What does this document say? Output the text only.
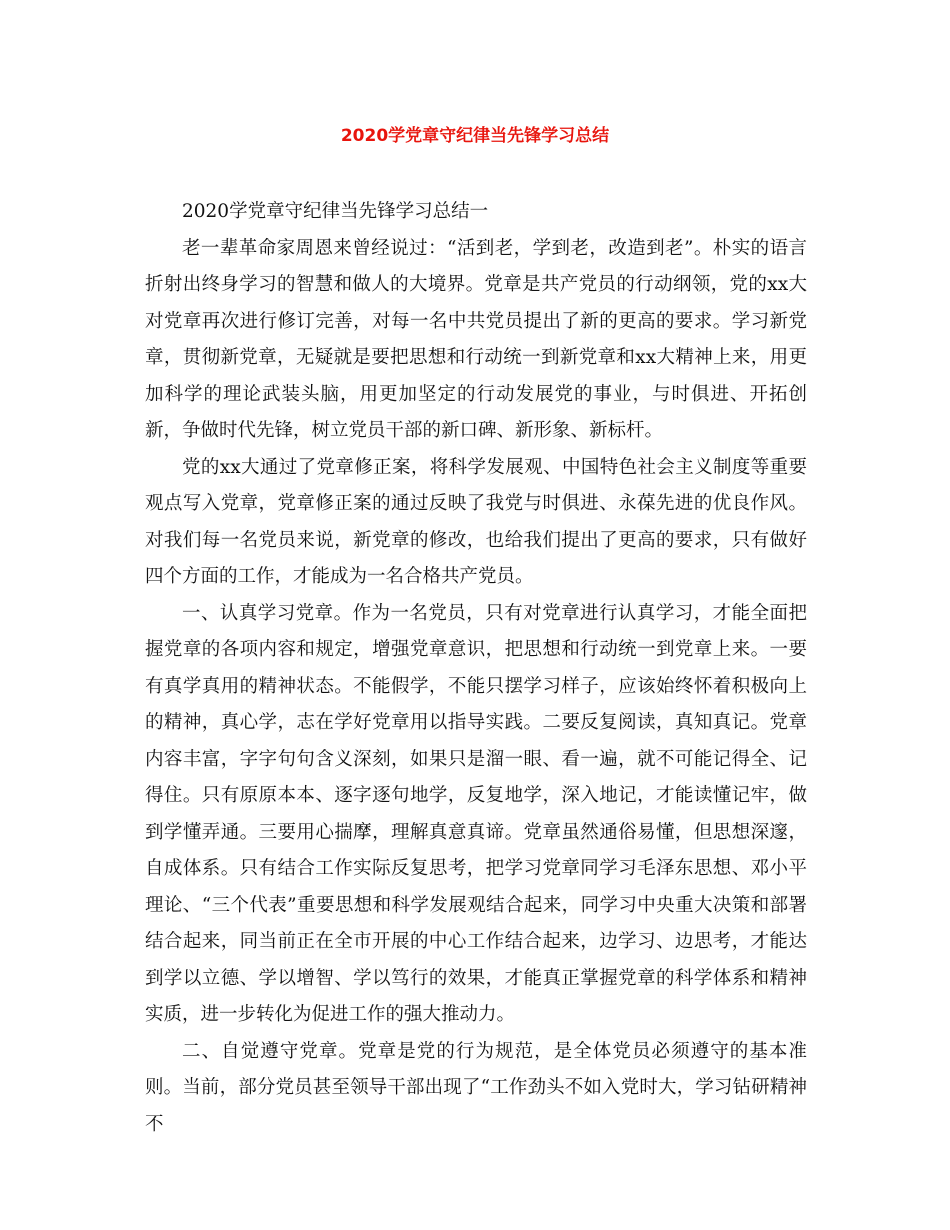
2020学党章守纪律当先锋学习总结

2020学党章守纪律当先锋学习总结一

老一辈革命家周恩来曾经说过：“活到老，学到老，改造到老”。朴实的语言折射出终身学习的智慧和做人的大境界。党章是共产党员的行动纲领，党的xx大对党章再次进行修订完善，对每一名中共党员提出了新的更高的要求。学习新党章，贯彻新党章，无疑就是要把思想和行动统一到新党章和xx大精神上来，用更加科学的理论武装头脑，用更加坚定的行动发展党的事业，与时俱进、开拓创新，争做时代先锋，树立党员干部的新口碑、新形象、新标杆。

党的xx大通过了党章修正案，将科学发展观、中国特色社会主义制度等重要观点写入党章，党章修正案的通过反映了我党与时俱进、永葆先进的优良作风。对我们每一名党员来说，新党章的修改，也给我们提出了更高的要求，只有做好四个方面的工作，才能成为一名合格共产党员。

一、认真学习党章。作为一名党员，只有对党章进行认真学习，才能全面把握党章的各项内容和规定，增强党章意识，把思想和行动统一到党章上来。一要有真学真用的精神状态。不能假学，不能只摆学习样子，应该始终怀着积极向上的精神，真心学，志在学好党章用以指导实践。二要反复阅读，真知真记。党章内容丰富，字字句句含义深刻，如果只是溜一眼、看一遍，就不可能记得全、记得住。只有原原本本、逐字逐句地学，反复地学，深入地记，才能读懂记牢，做到学懂弄通。三要用心揣摩，理解真意真谛。党章虽然通俗易懂，但思想深邃，自成体系。只有结合工作实际反复思考，把学习党章同学习毛泽东思想、邓小平理论、“三个代表”重要思想和科学发展观结合起来，同学习中央重大决策和部署结合起来，同当前正在全市开展的中心工作结合起来，边学习、边思考，才能达到学以立德、学以增智、学以笃行的效果，才能真正掌握党章的科学体系和精神实质，进一步转化为促进工作的强大推动力。

二、自觉遵守党章。党章是党的行为规范，是全体党员必须遵守的基本准则。当前，部分党员甚至领导干部出现了“工作劲头不如入党时大，学习钻研精神不
